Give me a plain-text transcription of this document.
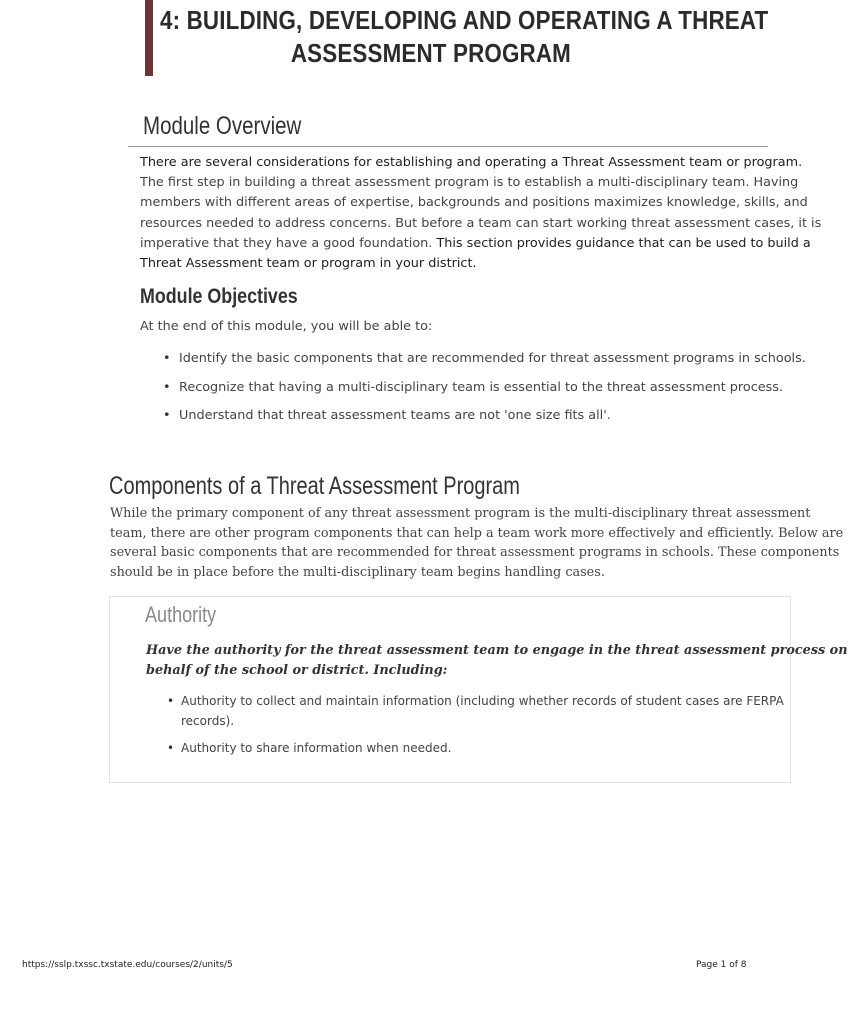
4: BUILDING, DEVELOPING AND OPERATING A THREAT
ASSESSMENT PROGRAM
Module Overview

There are several considerations for establishing and operating a Threat Assessment team or program.
The first step in building a threat assessment program is to establish a multi-disciplinary team. Having
members with different areas of expertise, backgrounds and positions maximizes knowledge, skills, and
resources needed to address concerns. But before a team can start working threat assessment cases, it is
imperative that they have a good foundation. This section provides guidance that can be used to build a
Threat Assessment team or program in your district.

Module Objectives

At the end of this module, you will be able to:

• Identify the basic components that are recommended for threat assessment programs in schools.
• Recognize that having a multi-disciplinary team is essential to the threat assessment process.
• Understand that threat assessment teams are not 'one size fits all'.
Components of a Threat Assessment Program

While the primary component of any threat assessment program is the multi-disciplinary threat assessment
team, there are other program components that can help a team work more effectively and efficiently. Below are
several basic components that are recommended for threat assessment programs in schools. These components
should be in place before the multi-disciplinary team begins handling cases.

Authority

Have the authority for the threat assessment team to engage in the threat assessment process on
behalf of the school or district. Including:

• Authority to collect and maintain information (including whether records of student cases are FERPA
records).
• Authority to share information when needed.

https://sslp.txssc.txstate.edu/courses/2/units/5	Page 1 of 8
